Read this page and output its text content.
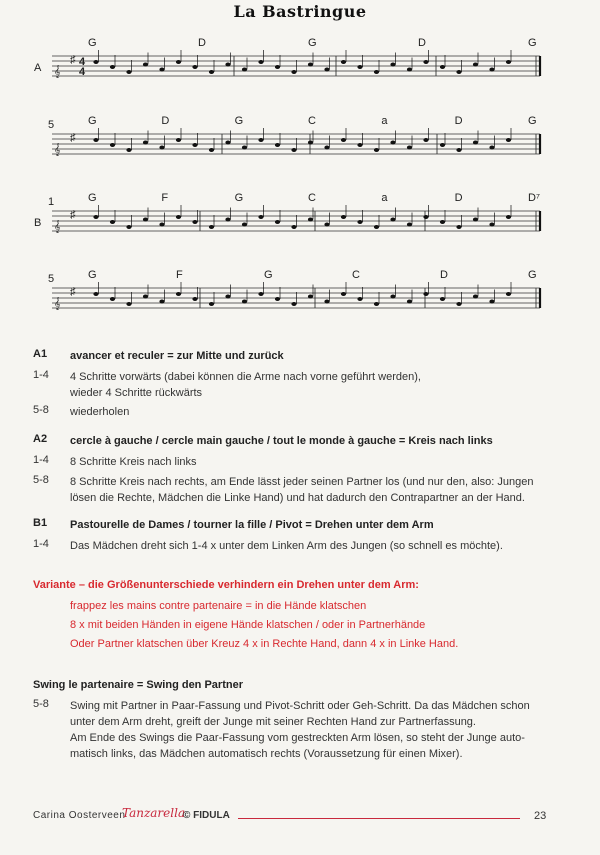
La Bastringue
𝄞
♯ 4
4
A
G	D	G	D	G
𝄞
♯
5	G	D	G	C	a	D	G
𝄞
♯
B
1	G	F	G	C	a	D	D⁷
𝄞
♯
5	G	F	G	C	D	G
A1 avancer et reculer = zur Mitte und zurück
1-4 4 Schritte vorwärts (dabei können die Arme nach vorne geführt werden),
wieder 4 Schritte rückwärts
5-8 wiederholen
A2 cercle à gauche / cercle main gauche / tout le monde à gauche = Kreis nach links
1-4 8 Schritte Kreis nach links
5-8 8 Schritte Kreis nach rechts, am Ende lässt jeder seinen Partner los (und nur den, also: Jungen
lösen die Rechte, Mädchen die Linke Hand) und hat dadurch den Contrapartner an der Hand.
B1 Pastourelle de Dames / tourner la fille / Pivot = Drehen unter dem Arm
1-4 Das Mädchen dreht sich 1-4 x unter dem Linken Arm des Jungen (so schnell es möchte).
Variante – die Größenunterschiede verhindern ein Drehen unter dem Arm:
frappez les mains contre partenaire = in die Hände klatschen
8 x mit beiden Händen in eigene Hände klatschen / oder in Partnerhände
Oder Partner klatschen über Kreuz 4 x in Rechte Hand, dann 4 x in Linke Hand.
Swing le partenaire = Swing den Partner
5-8 Swing mit Partner in Paar-Fassung und Pivot-Schritt oder Geh-Schritt. Da das Mädchen schon
unter dem Arm dreht, greift der Junge mit seiner Rechten Hand zur Partnerfassung.
Am Ende des Swings die Paar-Fassung vom gestreckten Arm lösen, so steht der Junge auto-
matisch links, das Mädchen automatisch rechts (Voraussetzung für einen Mixer).
Carina Oosterveen
Tanzarella
© FIDULA	23
